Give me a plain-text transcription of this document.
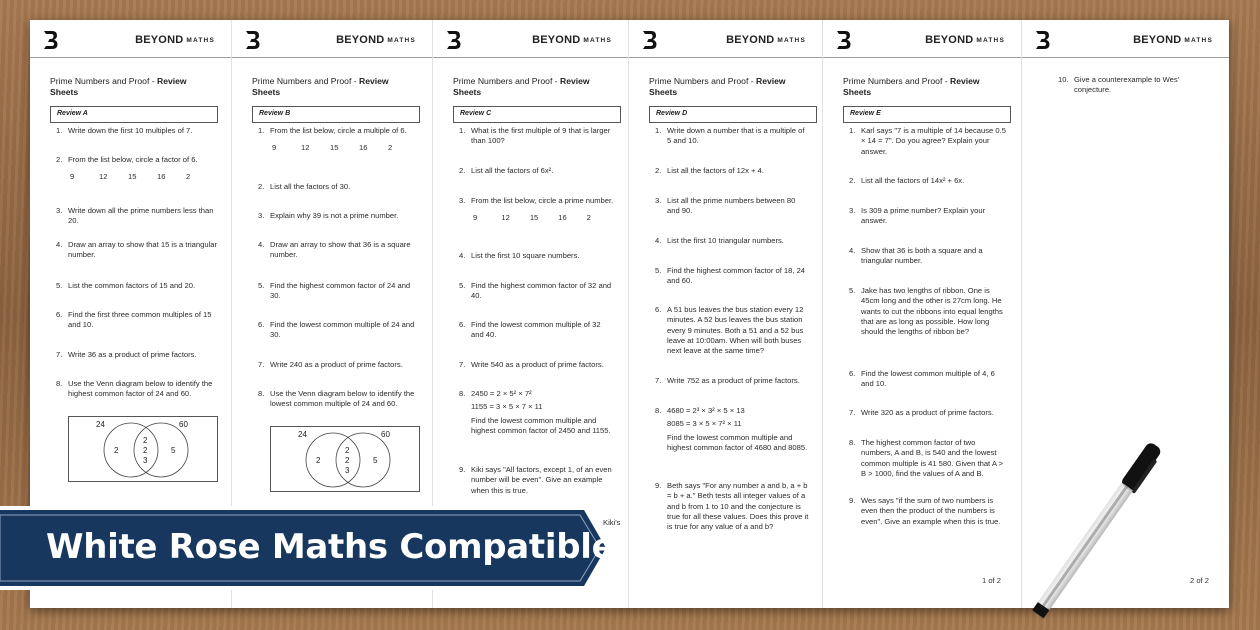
BEYOND MATHS
Prime Numbers and Proof - Review Sheets
Review A
1. Write down the first 10 multiples of 7.
2. From the list below, circle a factor of 6.
9	12	15	16	2
3. Write down all the prime numbers less than 20.
4. Draw an array to show that 15 is a triangular number.
5. List the common factors of 15 and 20.
6. Find the first three common multiples of 15 and 10.
7. Write 36 as a product of prime factors.
8. Use the Venn diagram below to identify the highest common factor of 24 and 60.
24	60
2
2
2
3
5
BEYOND MATHS
Prime Numbers and Proof - Review Sheets
Review B
1. From the list below, circle a multiple of 6.
9	12	15	16	2
2. List all the factors of 30.
3. Explain why 39 is not a prime number.
4. Draw an array to show that 36 is a square number.
5. Find the highest common factor of 24 and 30.
6. Find the lowest common multiple of 24 and 30.
7. Write 240 as a product of prime factors.
8. Use the Venn diagram below to identify the lowest common multiple of 24 and 60.
24	60
2
2
2
3
5
BEYOND MATHS
Prime Numbers and Proof - Review Sheets
Review C
1. What is the first multiple of 9 that is larger than 100?
2. List all the factors of 6x².
3. From the list below, circle a prime number.
9	12	15	16	2
4. List the first 10 square numbers.
5. Find the highest common factor of 32 and 40.
6. Find the lowest common multiple of 32 and 40.
7. Write 540 as a product of prime factors.
8. 2450 = 2 × 5² × 7²
1155 = 3 × 5 × 7 × 11
Find the lowest common multiple and highest common factor of 2450 and 1155.
9. Kiki says "All factors, except 1, of an even number will be even". Give an example when this is true.
Kiki's
BEYOND MATHS
Prime Numbers and Proof - Review Sheets
Review D
1. Write down a number that is a multiple of 5 and 10.
2. List all the factors of 12x + 4.
3. List all the prime numbers between 80 and 90.
4. List the first 10 triangular numbers.
5. Find the highest common factor of 18, 24 and 60.
6. A 51 bus leaves the bus station every 12 minutes. A 52 bus leaves the bus station every 9 minutes. Both a 51 and a 52 bus leave at 10:00am. When will both buses next leave at the same time?
7. Write 752 as a product of prime factors.
8. 4680 = 2³ × 3² × 5 × 13
8085 = 3 × 5 × 7² × 11
Find the lowest common multiple and highest common factor of 4680 and 8085.
9. Beth says "For any number a and b, a + b = b + a." Beth tests all integer values of a and b from 1 to 10 and the conjecture is true for all these values. Does this prove it is true for any value of a and b?
BEYOND MATHS
Prime Numbers and Proof - Review Sheets
Review E
1. Karl says "7 is a multiple of 14 because 0.5 × 14 = 7". Do you agree? Explain your answer.
2. List all the factors of 14x² + 6x.
3. Is 309 a prime number? Explain your answer.
4. Show that 36 is both a square and a triangular number.
5. Jake has two lengths of ribbon. One is 45cm long and the other is 27cm long. He wants to cut the ribbons into equal lengths that are as long as possible. How long should the lengths of ribbon be?
6. Find the lowest common multiple of 4, 6 and 10.
7. Write 320 as a product of prime factors.
8. The highest common factor of two numbers, A and B, is 540 and the lowest common multiple is 41 580. Given that A > B > 1000, find the values of A and B.
9. Wes says "if the sum of two numbers is even then the product of the numbers is even". Give an example when this is true.
1 of 2
BEYOND MATHS
10. Give a counterexample to Wes' conjecture.
2 of 2
White Rose Maths Compatible
